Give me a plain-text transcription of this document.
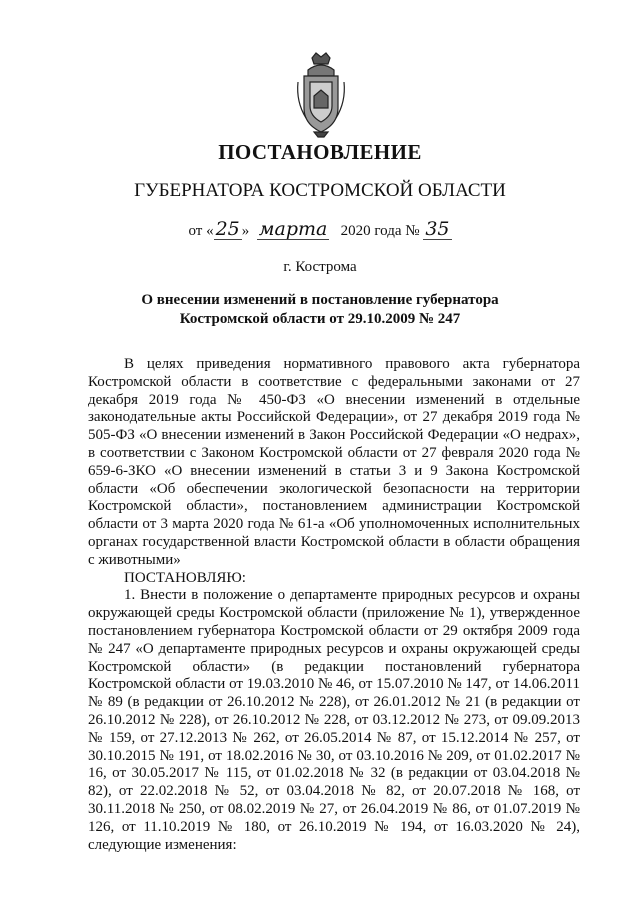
ПОСТАНОВЛЕНИЕ
ГУБЕРНАТОРА КОСТРОМСКОЙ ОБЛАСТИ
от « 25 » марта 2020 года № 35
г. Кострома
О внесении изменений в постановление губернатора
Костромской области от 29.10.2009 № 247

В целях приведения нормативного правового акта губернатора Костромской области в соответствие с федеральными законами от 27 декабря 2019 года № 450-ФЗ «О внесении изменений в отдельные законодательные акты Российской Федерации», от 27 декабря 2019 года № 505-ФЗ «О внесении изменений в Закон Российской Федерации «О недрах», в соответствии с Законом Костромской области от 27 февраля 2020 года № 659-6-ЗКО «О внесении изменений в статьи 3 и 9 Закона Костромской области «Об обеспечении экологической безопасности на территории Костромской области», постановлением администрации Костромской области от 3 марта 2020 года № 61-а «Об уполномоченных исполнительных органах государственной власти Костромской области в области обращения с животными»

ПОСТАНОВЛЯЮ:

1. Внести в положение о департаменте природных ресурсов и охраны окружающей среды Костромской области (приложение № 1), утвержденное постановлением губернатора Костромской области от 29 октября 2009 года № 247 «О департаменте природных ресурсов и охраны окружающей среды Костромской области» (в редакции постановлений губернатора Костромской области от 19.03.2010 № 46, от 15.07.2010 № 147, от 14.06.2011 № 89 (в редакции от 26.10.2012 № 228), от 26.01.2012 № 21 (в редакции от 26.10.2012 № 228), от 26.10.2012 № 228, от 03.12.2012 № 273, от 09.09.2013 № 159, от 27.12.2013 № 262, от 26.05.2014 № 87, от 15.12.2014 № 257, от 30.10.2015 № 191, от 18.02.2016 № 30, от 03.10.2016 № 209, от 01.02.2017 № 16, от 30.05.2017 № 115, от 01.02.2018 № 32 (в редакции от 03.04.2018 № 82), от 22.02.2018 № 52, от 03.04.2018 № 82, от 20.07.2018 № 168, от 30.11.2018 № 250, от 08.02.2019 № 27, от 26.04.2019 № 86, от 01.07.2019 № 126, от 11.10.2019 № 180, от 26.10.2019 № 194, от 16.03.2020 № 24), следующие изменения:
